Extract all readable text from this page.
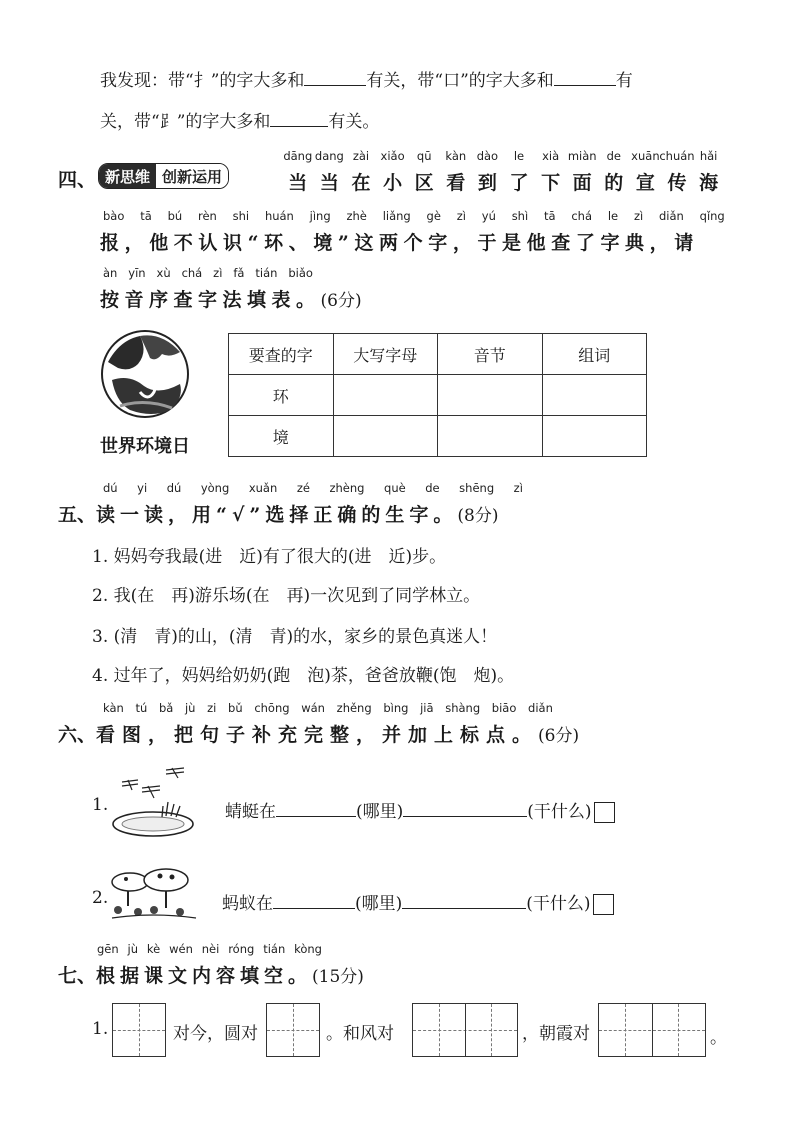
我发现：带“扌”的字大多和	有关，带“口”的字大多和	有
关，带“⻊”的字大多和	有关。
四、 新思维 创新运用
dāng
当
dang
当
zài
在
xiǎo
小
qū
区
kàn
看
dào
到
le
了
xià
下
miàn
面
de
的
xuān
宣
chuán
传
hǎi
海
bào tā bú rèn shi huán jìng zhè liǎng gè zì yú shì tā chá le zì diǎn qǐng
报，他不认识“环、境”这两个字，于是他查了字典，请
àn yīn xù chá zì fǎ tián biǎo
按音序查字法填表。(6分)
世界环境日
要查的字	大写字母	音节	组词
环			
境			
dú yi dú yòng xuǎn zé zhèng què de shēng zì
五、读一读，用“√”选择正确的生字。(8分)
1. 妈妈夸我最(进　近)有了很大的(进　近)步。
2. 我(在　再)游乐场(在　再)一次见到了同学林立。
3. (清　青)的山，(清　青)的水，家乡的景色真迷人！
4. 过年了，妈妈给奶奶(跑　泡)茶，爸爸放鞭(饱　炮)。
kàn tú bǎ jù zi bǔ chōng wán zhěng bìng jiā shàng biāo diǎn
六、看图，把句子补充完整，并加上标点。(6分)
1.	蜻蜓在	(哪里)	(干什么)
2.	蚂蚁在	(哪里)	(干什么)
gēn jù kè wén nèi róng tián kòng
七、根据课文内容填空。(15分)
1.	对今，圆对	。和风对	，朝霞对	。
